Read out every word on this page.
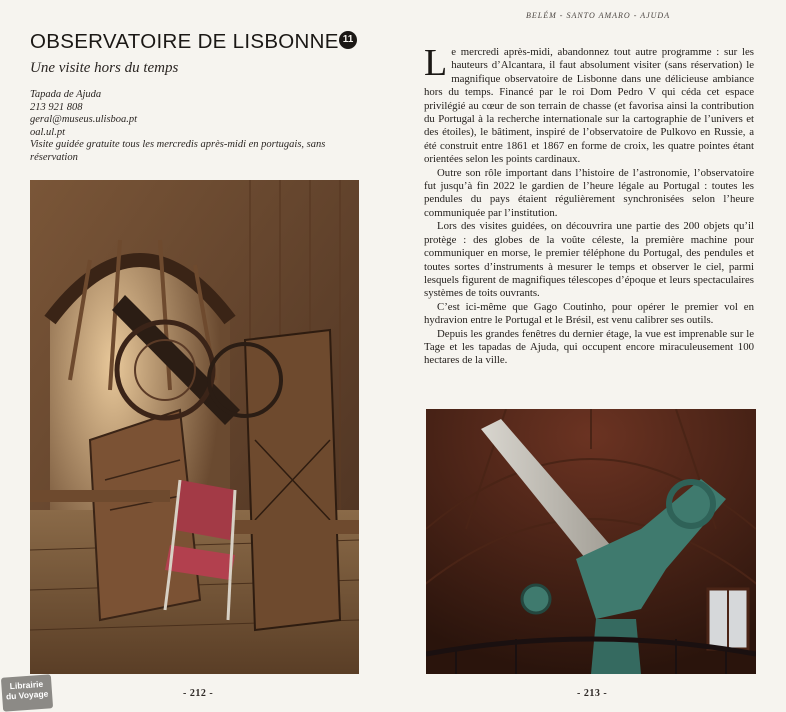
OBSERVATOIRE DE LISBONNE 11
Une visite hors du temps
Tapada de Ajuda
213 921 808
geral@museus.ulisboa.pt
oal.ul.pt
Visite guidée gratuite tous les mercredis après-midi en portugais, sans réservation
- 212 -
Librairie
du Voyage
BELÉM - SANTO AMARO - AJUDA

Le mercredi après-midi, abandonnez tout autre programme : sur les hauteurs d’Alcantara, il faut absolument visiter (sans réservation) le magnifique observatoire de Lisbonne dans une délicieuse ambiance hors du temps. Financé par le roi Dom Pedro V qui céda cet espace privilégié au cœur de son terrain de chasse (et favorisa ainsi la contribution du Portugal à la recherche internationale sur la cartographie de l’univers et des étoiles), le bâtiment, inspiré de l’observatoire de Pulkovo en Russie, a été construit entre 1861 et 1867 en forme de croix, les quatre pointes étant orientées selon les points cardinaux.

Outre son rôle important dans l’histoire de l’astronomie, l’observatoire fut jusqu’à fin 2022 le gardien de l’heure légale au Portugal : toutes les pendules du pays étaient régulièrement synchronisées selon l’heure communiquée par l’institution.

Lors des visites guidées, on découvrira une partie des 200 objets qu’il protège : des globes de la voûte céleste, la première machine pour communiquer en morse, le premier téléphone du Portugal, des pendules et toutes sortes d’instruments à mesurer le temps et observer le ciel, parmi lesquels figurent de magnifiques télescopes d’époque et leurs spectaculaires systèmes de toits ouvrants.

C’est ici-même que Gago Coutinho, pour opérer le premier vol en hydravion entre le Portugal et le Brésil, est venu calibrer ses outils.

Depuis les grandes fenêtres du dernier étage, la vue est imprenable sur le Tage et les tapadas de Ajuda, qui occupent encore miraculeusement 100 hectares de la ville.

- 213 -
